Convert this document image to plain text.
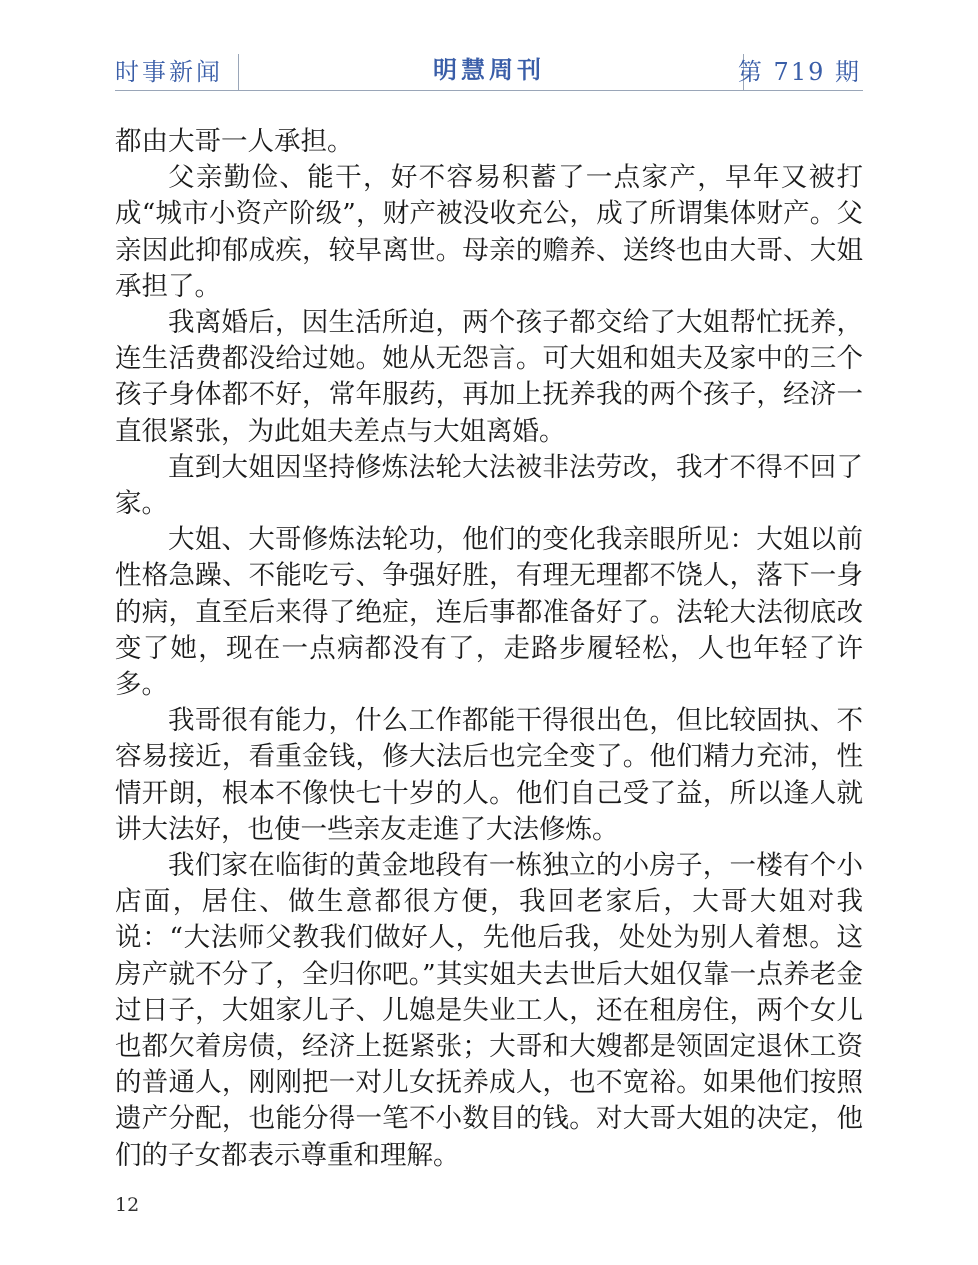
时事新闻	明慧周刊	第 719 期

都由大哥一人承担。

父亲勤俭、能干，好不容易积蓄了一点家产，早年又被打成“城市小资产阶级”，财产被没收充公，成了所谓集体财产。父亲因此抑郁成疾，较早离世。母亲的赡养、送终也由大哥、大姐承担了。

我离婚后，因生活所迫，两个孩子都交给了大姐帮忙抚养，连生活费都没给过她。她从无怨言。可大姐和姐夫及家中的三个孩子身体都不好，常年服药，再加上抚养我的两个孩子，经济一直很紧张，为此姐夫差点与大姐离婚。

直到大姐因坚持修炼法轮大法被非法劳改，我才不得不回了家。

大姐、大哥修炼法轮功，他们的变化我亲眼所见：大姐以前性格急躁、不能吃亏、争强好胜，有理无理都不饶人，落下一身的病，直至后来得了绝症，连后事都准备好了。法轮大法彻底改变了她，现在一点病都没有了，走路步履轻松，人也年轻了许多。

我哥很有能力，什么工作都能干得很出色，但比较固执、不容易接近，看重金钱，修大法后也完全变了。他们精力充沛，性情开朗，根本不像快七十岁的人。他们自己受了益，所以逢人就讲大法好，也使一些亲友走進了大法修炼。

我们家在临街的黄金地段有一栋独立的小房子，一楼有个小店面，居住、做生意都很方便，我回老家后，大哥大姐对我说：“大法师父教我们做好人，先他后我，处处为别人着想。这房产就不分了，全归你吧。”其实姐夫去世后大姐仅靠一点养老金过日子，大姐家儿子、儿媳是失业工人，还在租房住，两个女儿也都欠着房债，经济上挺紧张；大哥和大嫂都是领固定退休工资的普通人，刚刚把一对儿女抚养成人，也不宽裕。如果他们按照遗产分配，也能分得一笔不小数目的钱。对大哥大姐的决定，他们的子女都表示尊重和理解。

12
